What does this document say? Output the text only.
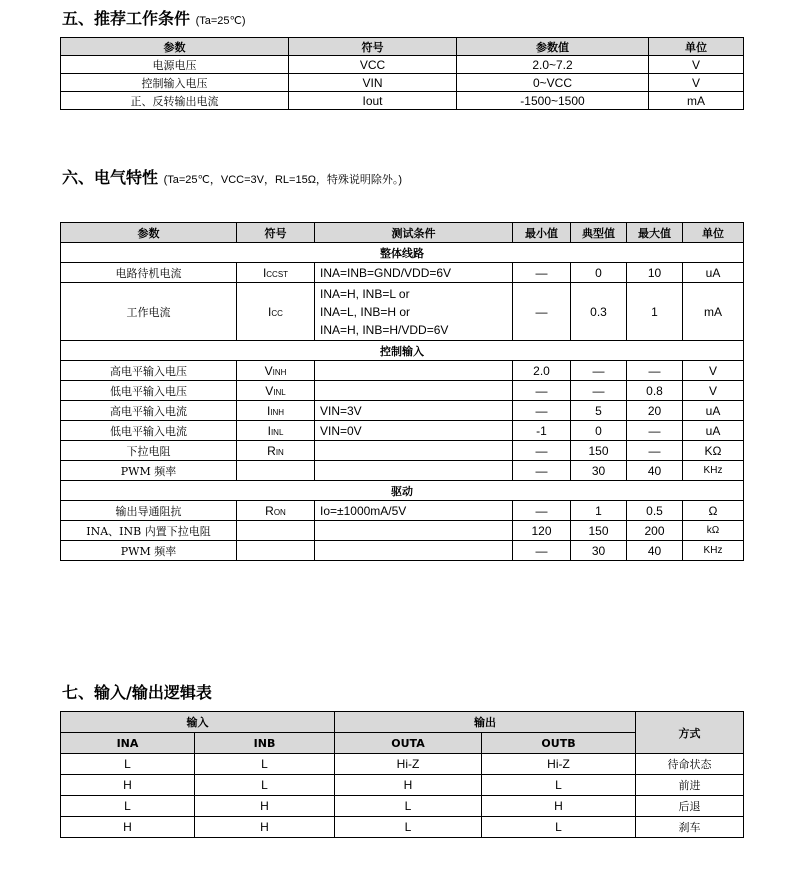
五、推荐工作条件 (Ta=25℃)
参数	符号	参数值	单位
电源电压	VCC	2.0~7.2	V
控制输入电压	VIN	0~VCC	V
正、反转输出电流	Iout	-1500~1500	mA
六、电气特性 (Ta=25℃，VCC=3V，RL=15Ω，特殊说明除外。)
参数	符号	测试条件	最小值	典型值	最大值	单位
整体线路						
电路待机电流	ICCST	INA=INB=GND/VDD=6V	—	0	10	uA
工作电流	ICC	INA=H, INB=L or
INA=L, INB=H or
INA=H, INB=H/VDD=6V	—	0.3	1	mA
控制输入						
高电平输入电压	VINH		2.0	—	—	V
低电平输入电压	VINL		—	—	0.8	V
高电平输入电流	IINH	VIN=3V	—	5	20	uA
低电平输入电流	IINL	VIN=0V	-1	0	—	uA
下拉电阻	RIN		—	150	—	KΩ
PWM 频率			—	30	40	KHz
驱动						
输出导通阻抗	RON	Io=±1000mA/5V	—	1	0.5	Ω
INA、INB 内置下拉电阻			120	150	200	kΩ
PWM 频率			—	30	40	KHz
七、输入/输出逻辑表
输入		输出		方式
INA	INB	OUTA	OUTB	
L	L	Hi-Z	Hi-Z	待命状态
H	L	H	L	前进
L	H	L	H	后退
H	H	L	L	刹车
